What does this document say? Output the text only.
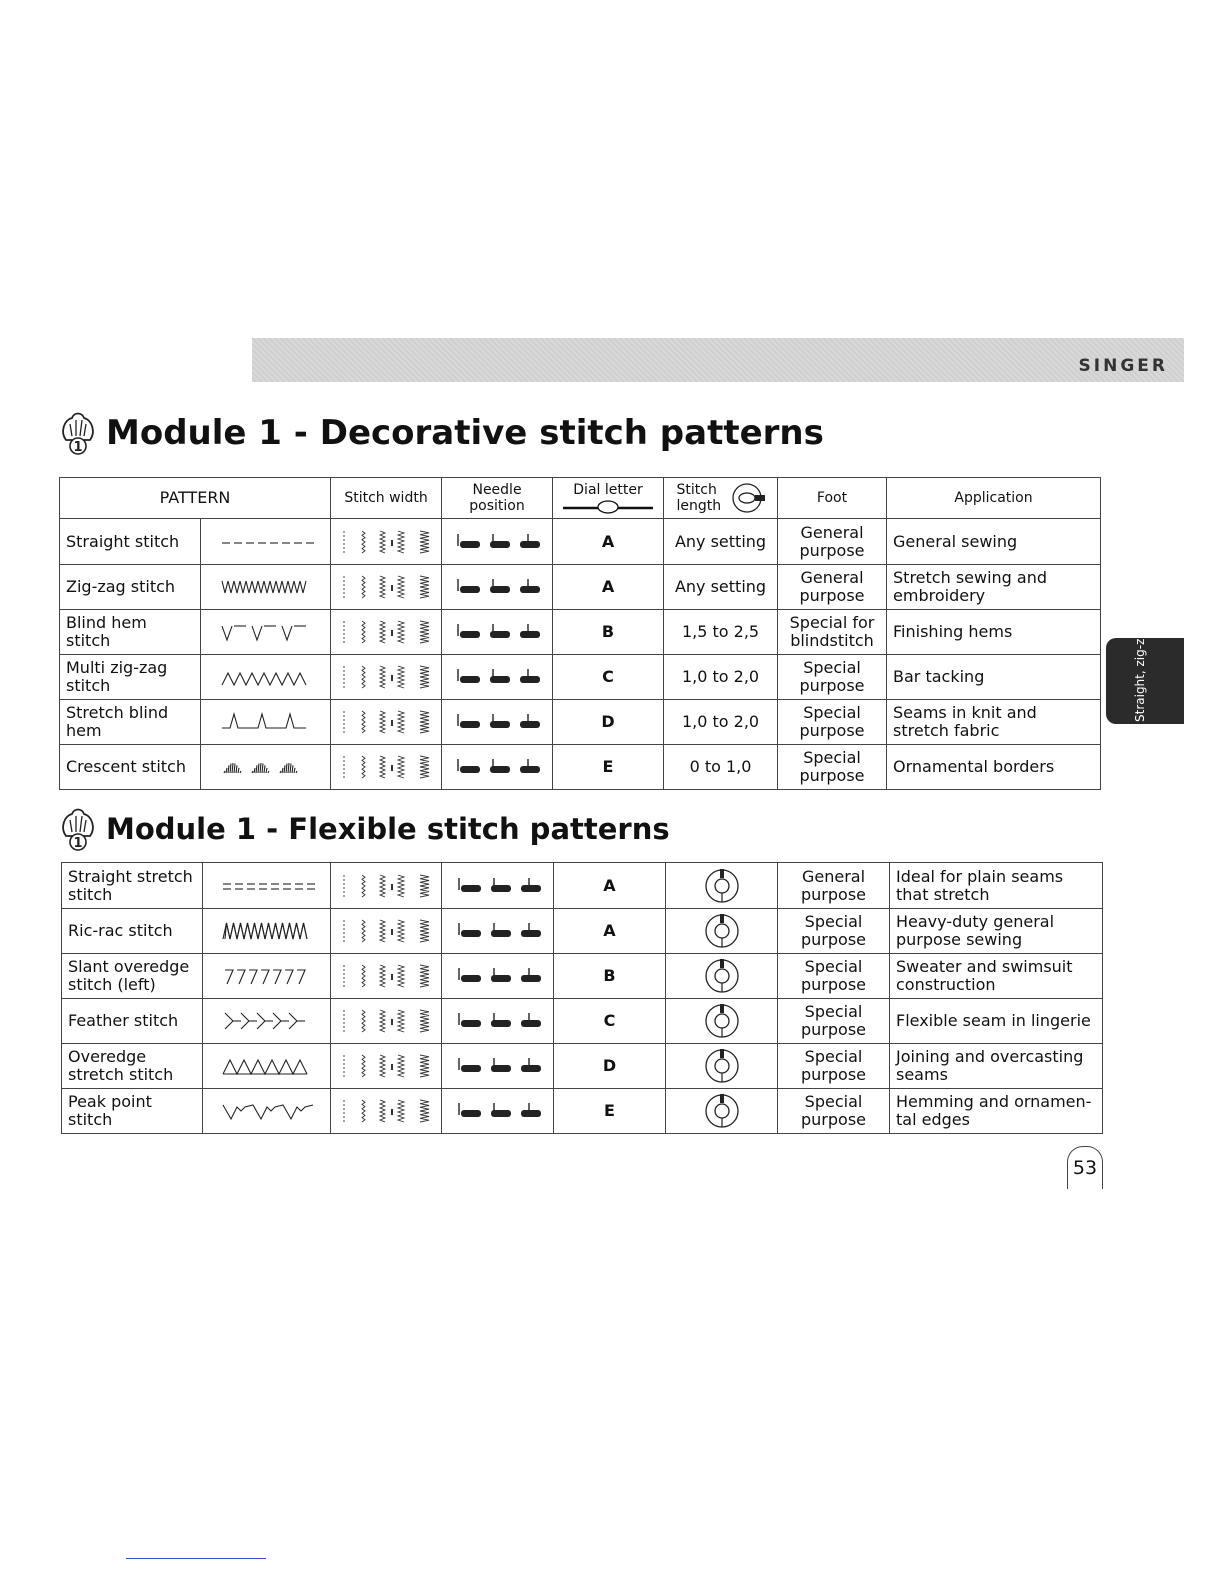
SINGER
1 Module 1 - Decorative stitch patterns
PATTERN		Stitch width	Needle position	Dial letter	Stitch length	Foot	Application
Straight stitch				A	Any setting	General purpose	General sewing
Zig-zag stitch				A	Any setting	General purpose	Stretch sewing and embroidery
Blind hem stitch				B	1,5 to 2,5	Special for blindstitch	Finishing hems
Multi zig-zag stitch				C	1,0 to 2,0	Special purpose	Bar tacking
Stretch blind hem				D	1,0 to 2,0	Special purpose	Seams in knit and stretch fabric
Crescent stitch				E	0 to 1,0	Special purpose	Ornamental borders
1 Module 1 - Flexible stitch patterns
Straight stretch stitch				A		General purpose	Ideal for plain seams that stretch
Ric-rac stitch				A		Special purpose	Heavy-duty general purpose sewing
Slant overedge stitch (left)				B		Special purpose	Sweater and swimsuit construction
Feather stitch				C		Special purpose	Flexible seam in lingerie
Overedge stretch stitch				D		Special purpose	Joining and overcasting seams
Peak point stitch				E		Special purpose	Hemming and ornamen- tal edges
Straight, zig-zag and others stitches
53
